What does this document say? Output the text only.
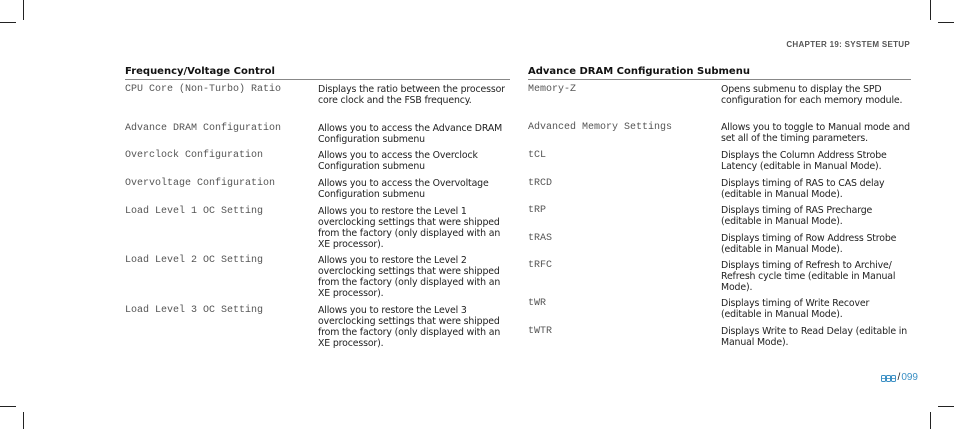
CHAPTER 19: SYSTEM SETUP
Frequency/Voltage Control
CPU Core (Non-Turbo) Ratio	Displays the ratio between the processor core clock and the FSB frequency.
Advance DRAM Configuration	Allows you to access the Advance DRAM Configuration submenu
Overclock Configuration	Allows you to access the Overclock Configuration submenu
Overvoltage Configuration	Allows you to access the Overvoltage Configuration submenu
Load Level 1 OC Setting	Allows you to restore the Level 1 overclocking settings that were shipped from the factory (only displayed with an XE processor).
Load Level 2 OC Setting	Allows you to restore the Level 2 overclocking settings that were shipped from the factory (only displayed with an XE processor).
Load Level 3 OC Setting	Allows you to restore the Level 3 overclocking settings that were shipped from the factory (only displayed with an XE processor).
Advance DRAM Configuration Submenu
Memory-Z	Opens submenu to display the SPD configuration for each memory module.
Advanced Memory Settings	Allows you to toggle to Manual mode and set all of the timing parameters.
tCL	Displays the Column Address Strobe Latency (editable in Manual Mode).
tRCD	Displays timing of RAS to CAS delay (editable in Manual Mode).
tRP	Displays timing of RAS Precharge (editable in Manual Mode).
tRAS	Displays timing of Row Address Strobe (editable in Manual Mode).
tRFC	Displays timing of Refresh to Archive/ Refresh cycle time (editable in Manual Mode).
tWR	Displays timing of Write Recover (editable in Manual Mode).
tWTR	Displays Write to Read Delay (editable in Manual Mode).
/ 099
